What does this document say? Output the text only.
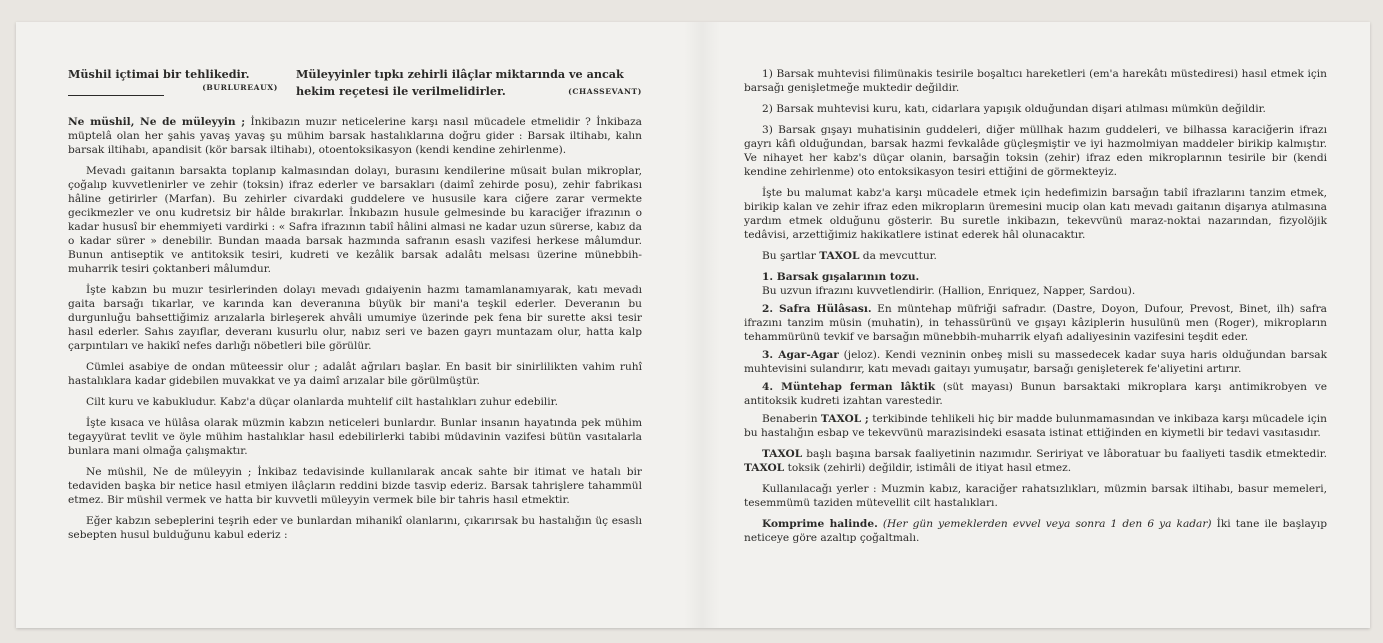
Müshil içtimai bir tehlikedir.
(BURLUREAUX)
Müleyyinler tıpkı zehirli ilâçlar miktarında ve ancak hekim reçetesi ile verilmelidirler.	(CHASSEVANT)

Ne müshil, Ne de müleyyin ; İnkibazın muzır neticelerine karşı nasıl mücadele etmelidir ? İnkibaza müptelâ olan her şahis yavaş yavaş şu mühim barsak hastalıklarına doğru gider : Barsak iltihabı, kalın barsak iltihabı, apandisit (kör barsak iltihabı), otoentoksikasyon (kendi kendine zehirlenme).

Mevadı gaitanın barsakta toplanıp kalmasından dolayı, burasını kendilerine müsait bulan mikroplar, çoğalıp kuvvetlenirler ve zehir (toksin) ifraz ederler ve barsakları (daimî zehirde posu), zehir fabrikası hâline getirirler (Marfan). Bu zehirler civardaki guddelere ve hususile kara ciğere zarar vermekte gecikmezler ve onu kudretsiz bir hâlde bırakırlar. İnkıbazın husule gelmesinde bu karaciğer ifrazının o kadar hususî bir ehemmiyeti vardirki : « Safra ifrazının tabiî hâlini almasi ne kadar uzun sürerse, kabız da o kadar sürer » denebilir. Bundan maada barsak hazmında safranın esaslı vazifesi herkese mâlumdur. Bunun antiseptik ve antitoksik tesiri, kudreti ve kezâlik barsak adalâtı melsası üzerine münebbih-muharrik tesiri çoktanberi mâlumdur.

İşte kabzın bu muzır tesirlerinden dolayı mevadı gıdaiyenin hazmı tamamlanamıyarak, katı mevadı gaita barsağı tıkarlar, ve karında kan deveranına büyük bir mani'a teşkil ederler. Deveranın bu durgunluğu bahsettiğimiz arızalarla birleşerek ahvâli umumiye üzerinde pek fena bir surette aksi tesir hasıl ederler. Sahıs zayıflar, deveranı kusurlu olur, nabız seri ve bazen gayrı muntazam olur, hatta kalp çarpıntıları ve hakikî nefes darlığı nöbetleri bile görülür.

Cümlei asabiye de ondan müteessir olur ; adalât ağrıları başlar. En basit bir sinirlilikten vahim ruhî hastalıklara kadar gidebilen muvakkat ve ya daimî arızalar bile görülmüştür.

Cilt kuru ve kabukludur. Kabz'a düçar olanlarda muhtelif cilt hastalıkları zuhur edebilir.

İşte kısaca ve hülâsa olarak müzmin kabzın neticeleri bunlardır. Bunlar insanın hayatında pek mühim tegayyürat tevlit ve öyle mühim hastalıklar hasıl edebilirlerki tabibi müdavinin vazifesi bütün vasıtalarla bunlara mani olmağa çalışmaktır.

Ne müshil, Ne de müleyyin ; İnkibaz tedavisinde kullanılarak ancak sahte bir itimat ve hatalı bir tedaviden başka bir netice hasıl etmiyen ilâçların reddini bizde tasvip ederiz. Barsak tahrişlere tahammül etmez. Bir müshil vermek ve hatta bir kuvvetli müleyyin vermek bile bir tahris hasıl etmektir.

Eğer kabzın sebeplerini teşrih eder ve bunlardan mihanikî olanlarını, çıkarırsak bu hastalığın üç esaslı sebepten husul bulduğunu kabul ederiz :

1) Barsak muhtevisi filimünakis tesirile boşaltıcı hareketleri (em'a harekâtı müstediresi) hasıl etmek için barsağı genişletmeğe muktedir değildir.

2) Barsak muhtevisi kuru, katı, cidarlara yapışık olduğundan dişari atılması mümkün değildir.

3) Barsak gışayı muhatisinin guddeleri, diğer müllhak hazım guddeleri, ve bilhassa karaciğerin ifrazı gayrı kâfi olduğundan, barsak hazmi fevkalâde güçleşmiştir ve iyi hazmolmiyan maddeler birikip kalmıştır. Ve nihayet her kabz's düçar olanin, barsağin toksin (zehir) ifraz eden mikroplarının tesirile bir (kendi kendine zehirlenme) oto entoksikasyon tesiri ettiğini de görmekteyiz.

İşte bu malumat kabz'a karşı mücadele etmek için hedefimizin barsağın tabiî ifrazlarını tanzim etmek, birikip kalan ve zehir ifraz eden mikropların üremesini mucip olan katı mevadı gaitanın dişarıya atılmasına yardım etmek olduğunu gösterir. Bu suretle inkibazın, tekevvünü maraz-noktai nazarından, fizyolöjik tedâvisi, arzettiğimiz hakikatlere istinat ederek hâl olunacaktır.

Bu şartlar TAXOL da mevcuttur.

1. Barsak gışalarının tozu.
Bu uzvun ifrazını kuvvetlendirir. (Hallion, Enriquez, Napper, Sardou).

2. Safra Hülâsası. En müntehap müfriği safradır. (Dastre, Doyon, Dufour, Prevost, Binet, ilh) safra ifrazını tanzim müsin (muhatin), in tehassürünü ve gışayı kâziplerin husulünü men (Roger), mikropların tehammürünü tevkif ve barsağın münebbih-muharrik elyafı adaliyesinin vazifesini teşdit eder.

3. Agar-Agar (jeloz). Kendi vezninin onbeş misli su massedecek kadar suya haris olduğundan barsak muhtevisini sulandırır, katı mevadı gaitayı yumuşatır, barsağı genişleterek fe'aliyetini artırır.

4. Müntehap ferman lâktik (süt mayası) Bunun barsaktaki mikroplara karşı antimikrobyen ve antitoksik kudreti izahtan varestedir.

Benaberin TAXOL ; terkibinde tehlikeli hiç bir madde bulunmamasından ve inkibaza karşı mücadele için bu hastalığın esbap ve tekevvünü marazisindeki esasata istinat ettiğinden en kiymetli bir tedavi vasıtasıdır.

TAXOL başlı başına barsak faaliyetinin nazımıdır. Seririyat ve lâboratuar bu faaliyeti tasdik etmektedir. TAXOL toksik (zehirli) değildir, istimâli de itiyat hasıl etmez.

Kullanılacağı yerler : Muzmin kabız, karaciğer rahatsızlıkları, müzmin barsak iltihabı, basur memeleri, tesemmümü taziden mütevellit cilt hastalıkları.

Komprime halinde. (Her gün yemeklerden evvel veya sonra 1 den 6 ya kadar) İki tane ile başlayıp neticeye göre azaltıp çoğaltmalı.
